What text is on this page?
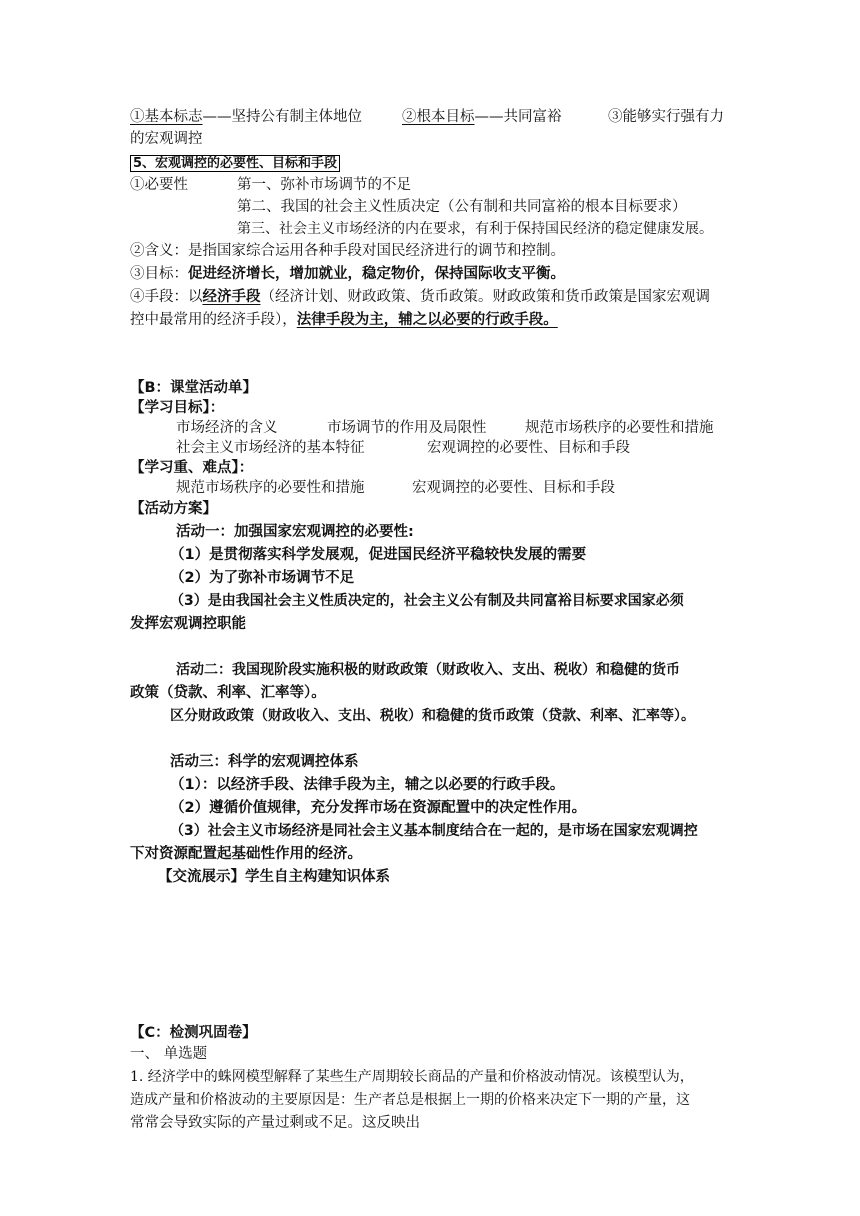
①基本标志——坚持公有制主体地位	②根本目标——共同富裕	③能够实行强有力
的宏观调控
5、宏观调控的必要性、目标和手段
①必要性	第一、弥补市场调节的不足
第二、我国的社会主义性质决定（公有制和共同富裕的根本目标要求）
第三、社会主义市场经济的内在要求，有利于保持国民经济的稳定健康发展。
②含义：是指国家综合运用各种手段对国民经济进行的调节和控制。
③目标：促进经济增长，增加就业，稳定物价，保持国际收支平衡。
④手段：以经济手段（经济计划、财政政策、货币政策。财政政策和货币政策是国家宏观调
控中最常用的经济手段），法律手段为主，辅之以必要的行政手段。
【B：课堂活动单】
【学习目标】：
市场经济的含义	市场调节的作用及局限性	规范市场秩序的必要性和措施
社会主义市场经济的基本特征	宏观调控的必要性、目标和手段
【学习重、难点】：
规范市场秩序的必要性和措施	宏观调控的必要性、目标和手段
【活动方案】
活动一：加强国家宏观调控的必要性:
（1）是贯彻落实科学发展观，促进国民经济平稳较快发展的需要
（2）为了弥补市场调节不足
（3）是由我国社会主义性质决定的，社会主义公有制及共同富裕目标要求国家必须
发挥宏观调控职能
活动二：我国现阶段实施积极的财政政策（财政收入、支出、税收）和稳健的货币
政策（贷款、利率、汇率等）。
区分财政政策（财政收入、支出、税收）和稳健的货币政策（贷款、利率、汇率等）。
活动三：科学的宏观调控体系
（1）：以经济手段、法律手段为主，辅之以必要的行政手段。
（2）遵循价值规律，充分发挥市场在资源配置中的决定性作用。
（3）社会主义市场经济是同社会主义基本制度结合在一起的，是市场在国家宏观调控
下对资源配置起基础性作用的经济。
【交流展示】学生自主构建知识体系
【C：检测巩固卷】
一、 单选题
1. 经济学中的蛛网模型解释了某些生产周期较长商品的产量和价格波动情况。该模型认为，
造成产量和价格波动的主要原因是：生产者总是根据上一期的价格来决定下一期的产量，这
常常会导致实际的产量过剩或不足。这反映出
